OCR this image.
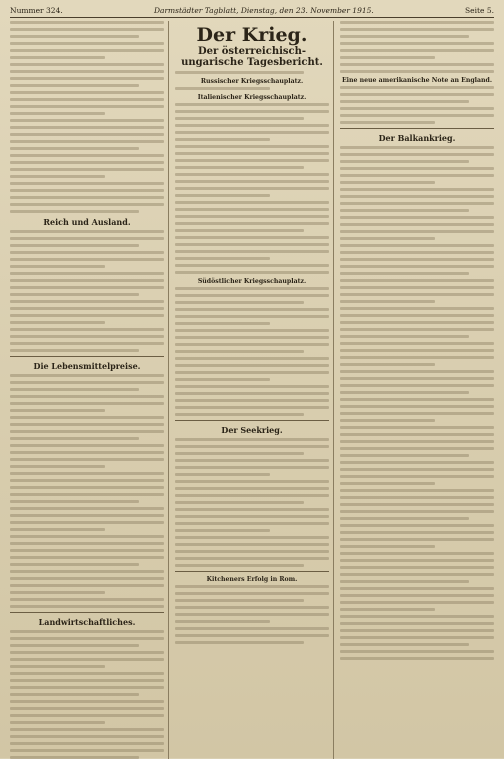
Nummer 324.	Darmstädter Tagblatt, Dienstag, den 23. November 1915.	Seite 5.
Reich und Ausland.
Die Lebensmittelpreise.
Landwirtschaftliches.
Der Krieg.
Der österreichisch-ungarische Tagesbericht.
Russischer Kriegsschauplatz.
Italienischer Kriegsschauplatz.
Südöstlicher Kriegsschauplatz.
Der Seekrieg.
Kitcheners Erfolg in Rom.
Eine neue amerikanische Note an England.
Der Balkankrieg.
